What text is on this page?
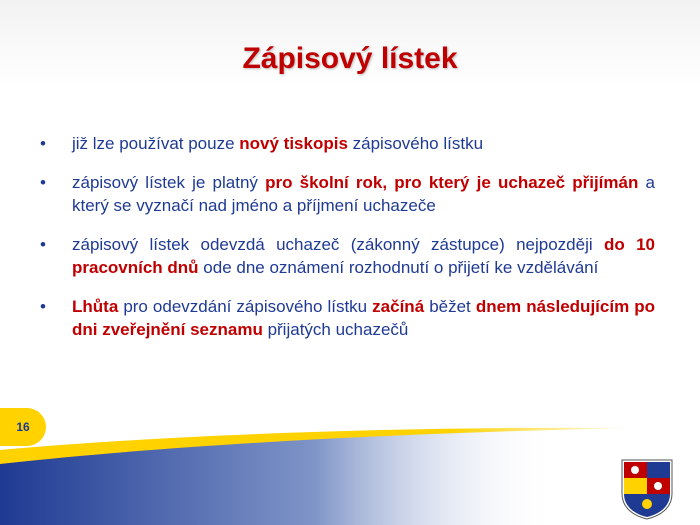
Zápisový lístek
• již lze používat pouze nový tiskopis zápisového lístku
• zápisový lístek je platný pro školní rok, pro který je uchazeč přijímán a který se vyznačí nad jméno a příjmení uchazeče
• zápisový lístek odevzdá uchazeč (zákonný zástupce) nejpozději do 10 pracovních dnů ode dne oznámení rozhodnutí o přijetí ke vzdělávání
• Lhůta pro odevzdání zápisového lístku začíná běžet dnem následujícím po dni zveřejnění seznamu přijatých uchazečů
16
